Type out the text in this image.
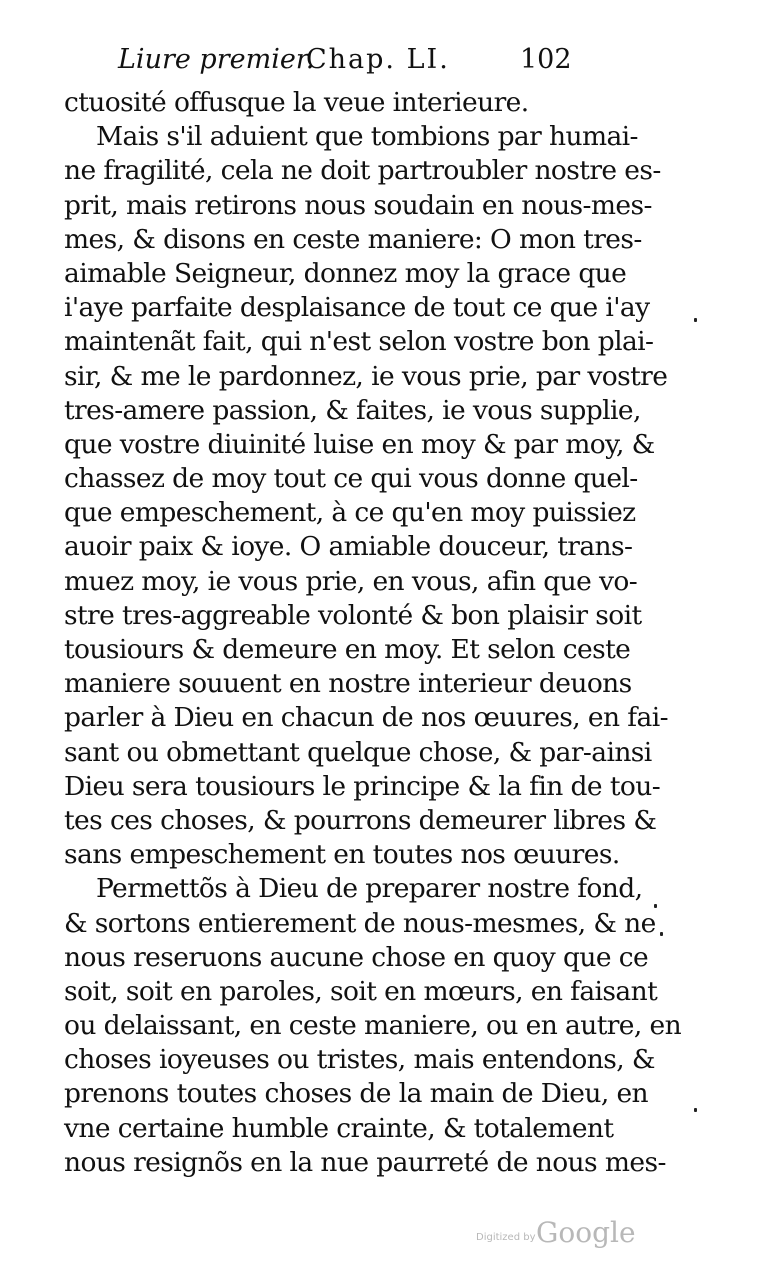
Liure premier.
Chap. LI.	102
ctuosité offusque la veue interieure.
Mais s'il aduient que tombions par humai-
ne fragilité, cela ne doit partroubler nostre es-
prit, mais retirons nous soudain en nous-mes-
mes, & disons en ceste maniere: O mon tres-
aimable Seigneur, donnez moy la grace que
i'aye parfaite desplaisance de tout ce que i'ay
maintenãt fait, qui n'est selon vostre bon plai-
sir, & me le pardonnez, ie vous prie, par vostre
tres-amere passion, & faites, ie vous supplie,
que vostre diuinité luise en moy & par moy, &
chassez de moy tout ce qui vous donne quel-
que empeschement, à ce qu'en moy puissiez
auoir paix & ioye. O amiable douceur, trans-
muez moy, ie vous prie, en vous, afin que vo-
stre tres-aggreable volonté & bon plaisir soit
tousiours & demeure en moy. Et selon ceste
maniere souuent en nostre interieur deuons
parler à Dieu en chacun de nos œuures, en fai-
sant ou obmettant quelque chose, & par-ainsi
Dieu sera tousiours le principe & la fin de tou-
tes ces choses, & pourrons demeurer libres &
sans empeschement en toutes nos œuures.
Permettõs à Dieu de preparer nostre fond,
& sortons entierement de nous-mesmes, & ne
nous reseruons aucune chose en quoy que ce
soit, soit en paroles, soit en mœurs, en faisant
ou delaissant, en ceste maniere, ou en autre, en
choses ioyeuses ou tristes, mais entendons, &
prenons toutes choses de la main de Dieu, en
vne certaine humble crainte, & totalement
nous resignõs en la nue paurreté de nous mes-
Digitized by Google
